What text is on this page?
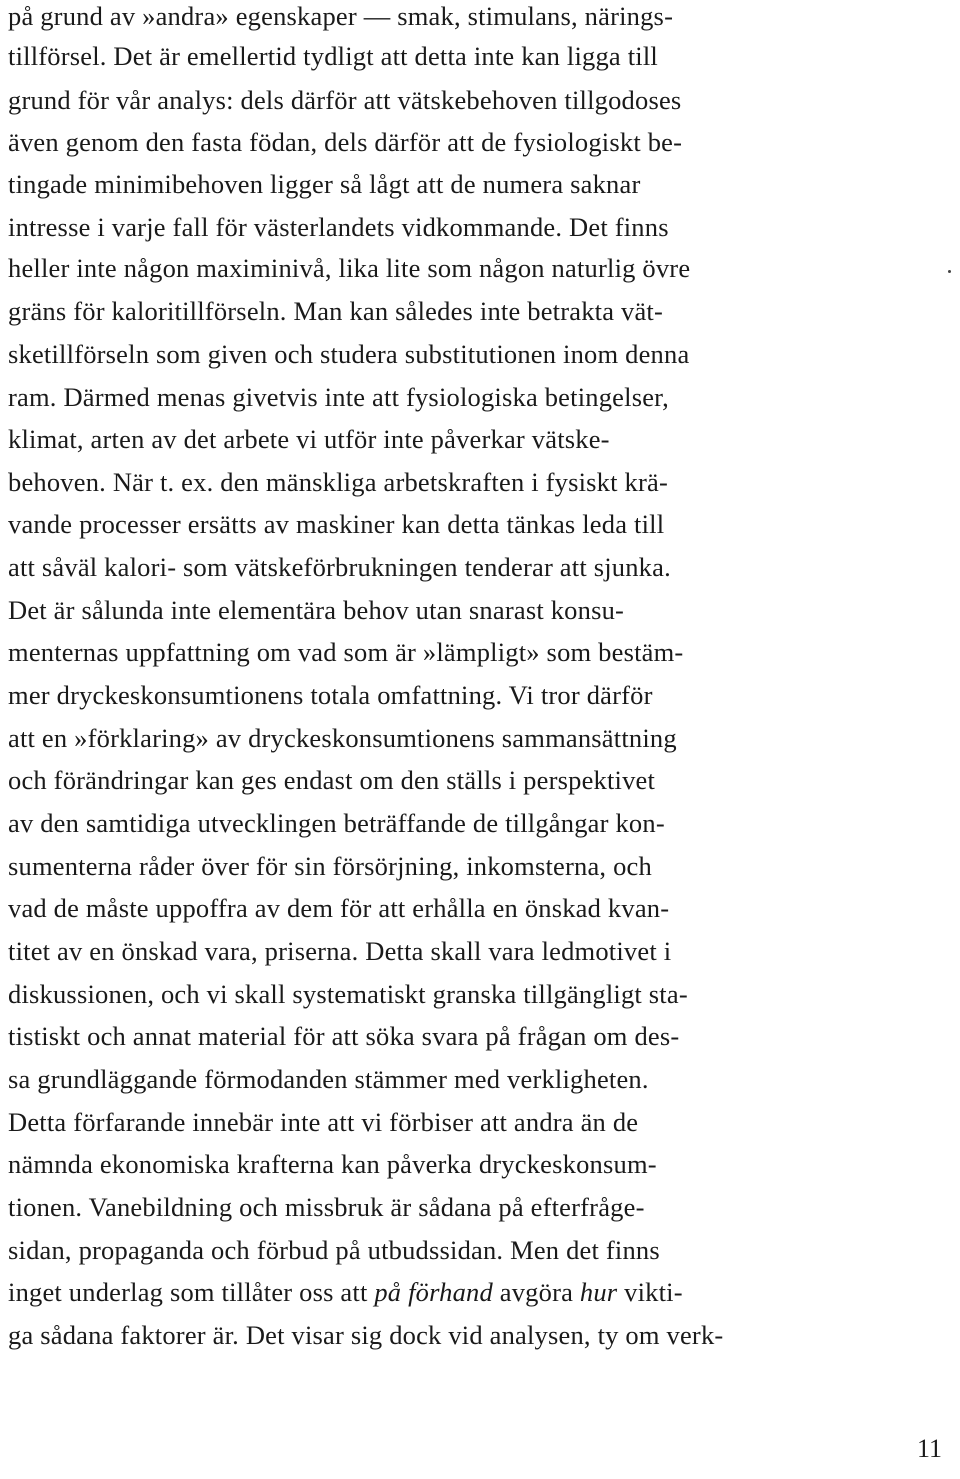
på grund av »andra» egenskaper — smak, stimulans, närings-
tillförsel. Det är emellertid tydligt att detta inte kan ligga till
grund för vår analys: dels därför att vätskebehoven tillgodoses
även genom den fasta födan, dels därför att de fysiologiskt be-
tingade minimibehoven ligger så lågt att de numera saknar
intresse i varje fall för västerlandets vidkommande. Det finns
heller inte någon maximinivå, lika lite som någon naturlig övre
gräns för kaloritillförseln. Man kan således inte betrakta vät-
sketillförseln som given och studera substitutionen inom denna
ram. Därmed menas givetvis inte att fysiologiska betingelser,
klimat, arten av det arbete vi utför inte påverkar vätske-
behoven. När t. ex. den mänskliga arbetskraften i fysiskt krä-
vande processer ersätts av maskiner kan detta tänkas leda till
att såväl kalori- som vätskeförbrukningen tenderar att sjunka.
Det är sålunda inte elementära behov utan snarast konsu-
menternas uppfattning om vad som är »lämpligt» som bestäm-
mer dryckeskonsumtionens totala omfattning. Vi tror därför
att en »förklaring» av dryckeskonsumtionens sammansättning
och förändringar kan ges endast om den ställs i perspektivet
av den samtidiga utvecklingen beträffande de tillgångar kon-
sumenterna råder över för sin försörjning, inkomsterna, och
vad de måste uppoffra av dem för att erhålla en önskad kvan-
titet av en önskad vara, priserna. Detta skall vara ledmotivet i
diskussionen, och vi skall systematiskt granska tillgängligt sta-
tistiskt och annat material för att söka svara på frågan om des-
sa grundläggande förmodanden stämmer med verkligheten.
Detta förfarande innebär inte att vi förbiser att andra än de
nämnda ekonomiska krafterna kan påverka dryckeskonsum-
tionen. Vanebildning och missbruk är sådana på efterfråge-
sidan, propaganda och förbud på utbudssidan. Men det finns
inget underlag som tillåter oss att på förhand avgöra hur vikti-
ga sådana faktorer är. Det visar sig dock vid analysen, ty om verk-
11
